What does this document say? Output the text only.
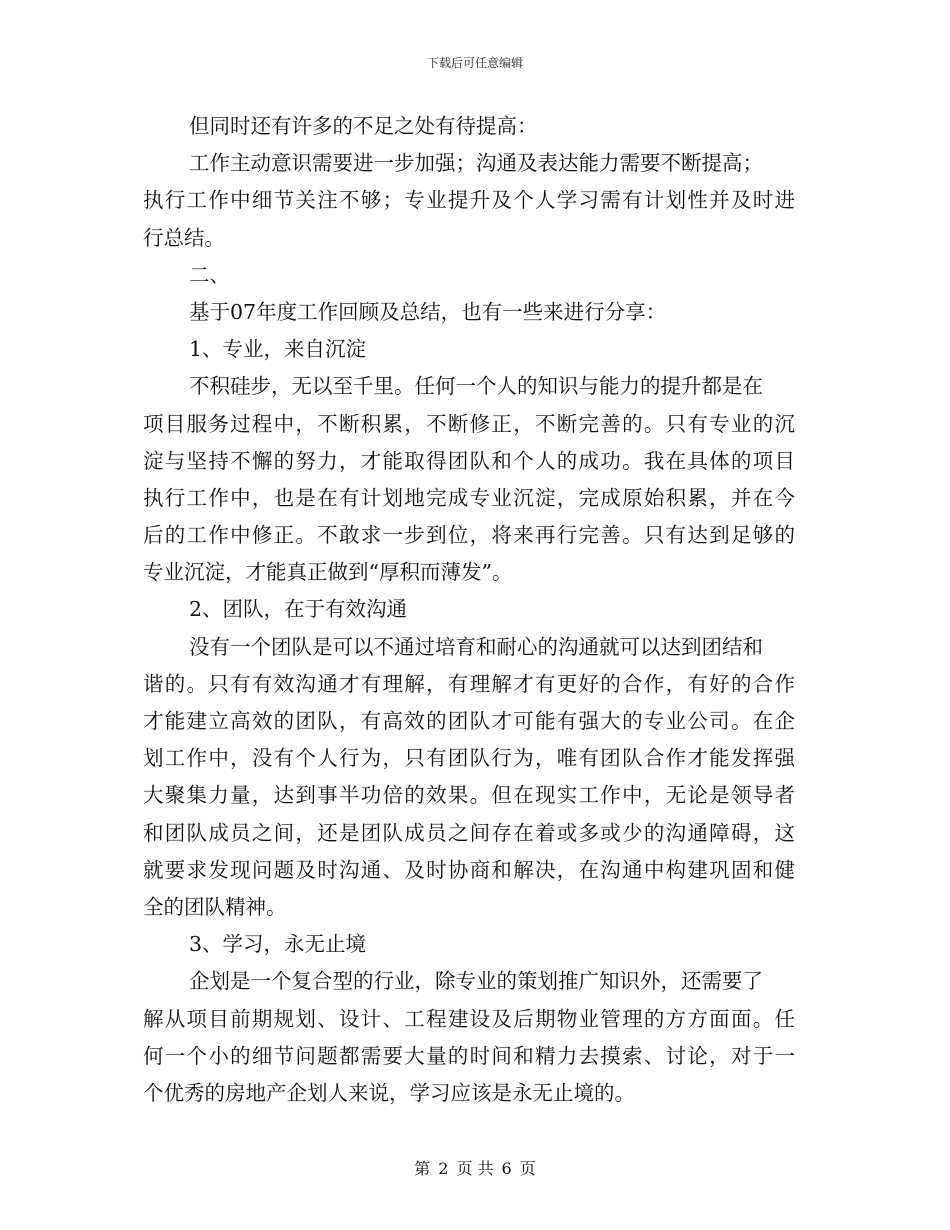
下载后可任意编辑
但同时还有许多的不足之处有待提高：
工作主动意识需要进一步加强；沟通及表达能力需要不断提高；
执行工作中细节关注不够；专业提升及个人学习需有计划性并及时进
行总结。
二、
基于07年度工作回顾及总结，也有一些来进行分享：
1、专业，来自沉淀
不积硅步，无以至千里。任何一个人的知识与能力的提升都是在
项目服务过程中，不断积累，不断修正，不断完善的。只有专业的沉
淀与坚持不懈的努力，才能取得团队和个人的成功。我在具体的项目
执行工作中，也是在有计划地完成专业沉淀，完成原始积累，并在今
后的工作中修正。不敢求一步到位，将来再行完善。只有达到足够的
专业沉淀，才能真正做到“厚积而薄发”。
2、团队，在于有效沟通
没有一个团队是可以不通过培育和耐心的沟通就可以达到团结和
谐的。只有有效沟通才有理解，有理解才有更好的合作，有好的合作
才能建立高效的团队，有高效的团队才可能有强大的专业公司。在企
划工作中，没有个人行为，只有团队行为，唯有团队合作才能发挥强
大聚集力量，达到事半功倍的效果。但在现实工作中，无论是领导者
和团队成员之间，还是团队成员之间存在着或多或少的沟通障碍，这
就要求发现问题及时沟通、及时协商和解决，在沟通中构建巩固和健
全的团队精神。
3、学习，永无止境
企划是一个复合型的行业，除专业的策划推广知识外，还需要了
解从项目前期规划、设计、工程建设及后期物业管理的方方面面。任
何一个小的细节问题都需要大量的时间和精力去摸索、讨论，对于一
个优秀的房地产企划人来说，学习应该是永无止境的。
第 2 页 共 6 页
